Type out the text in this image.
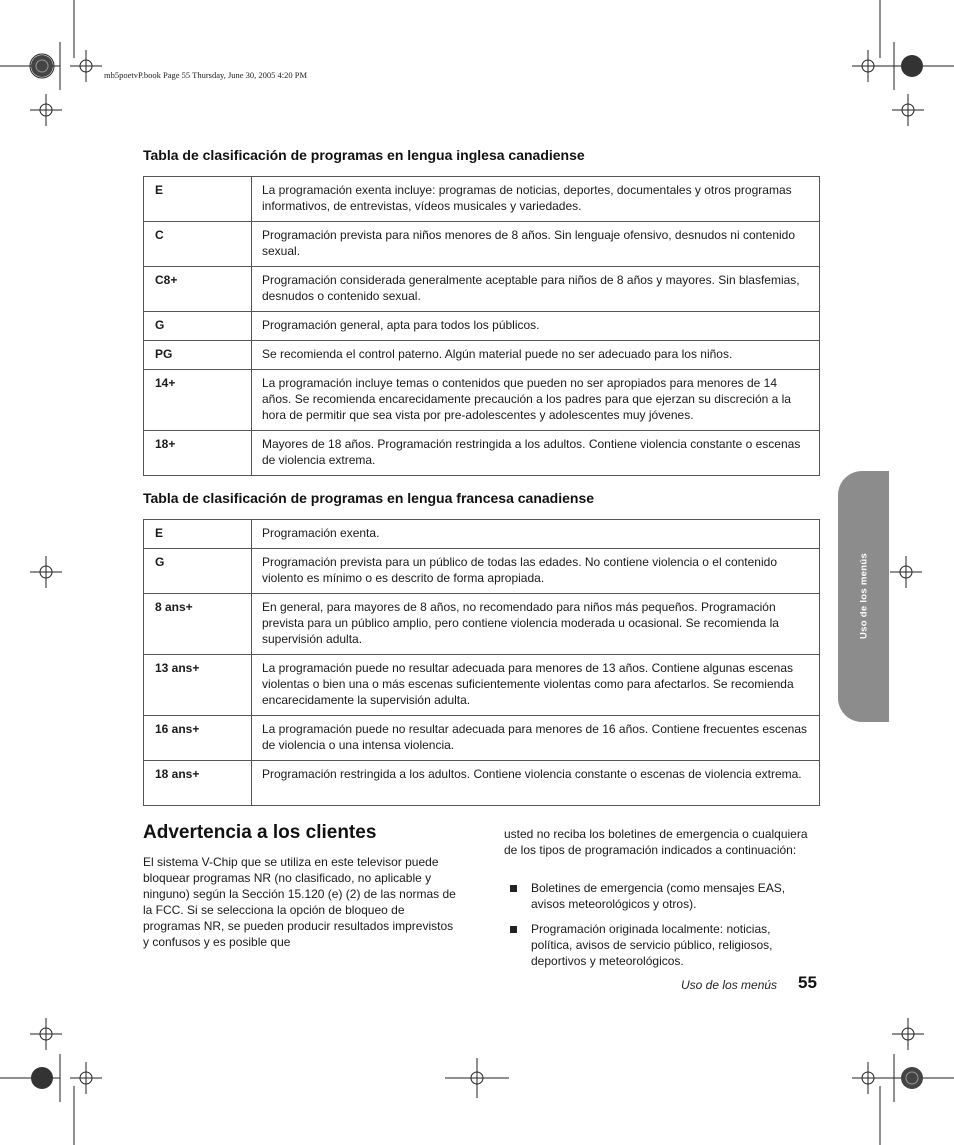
mb5poetvP.book Page 55 Thursday, June 30, 2005 4:20 PM
Tabla de clasificación de programas en lengua inglesa canadiense
E	La programación exenta incluye: programas de noticias, deportes, documentales y otros programas informativos, de entrevistas, vídeos musicales y variedades.
C	Programación prevista para niños menores de 8 años. Sin lenguaje ofensivo, desnudos ni contenido sexual.
C8+	Programación considerada generalmente aceptable para niños de 8 años y mayores. Sin blasfemias, desnudos o contenido sexual.
G	Programación general, apta para todos los públicos.
PG	Se recomienda el control paterno. Algún material puede no ser adecuado para los niños.
14+	La programación incluye temas o contenidos que pueden no ser apropiados para menores de 14 años. Se recomienda encarecidamente precaución a los padres para que ejerzan su discreción a la hora de permitir que sea vista por pre-adolescentes y adolescentes muy jóvenes.
18+	Mayores de 18 años. Programación restringida a los adultos. Contiene violencia constante o escenas de violencia extrema.
Tabla de clasificación de programas en lengua francesa canadiense
E	Programación exenta.
G	Programación prevista para un público de todas las edades. No contiene violencia o el contenido violento es mínimo o es descrito de forma apropiada.
8 ans+	En general, para mayores de 8 años, no recomendado para niños más pequeños. Programación prevista para un público amplio, pero contiene violencia moderada u ocasional. Se recomienda la supervisión adulta.
13 ans+	La programación puede no resultar adecuada para menores de 13 años. Contiene algunas escenas violentas o bien una o más escenas suficientemente violentas como para afectarlos. Se recomienda encarecidamente la supervisión adulta.
16 ans+	La programación puede no resultar adecuada para menores de 16 años. Contiene frecuentes escenas de violencia o una intensa violencia.
18 ans+	Programación restringida a los adultos. Contiene violencia constante o escenas de violencia extrema.
Advertencia a los clientes
El sistema V-Chip que se utiliza en este televisor puede bloquear programas NR (no clasificado, no aplicable y ninguno) según la Sección 15.120 (e) (2) de las normas de la FCC. Si se selecciona la opción de bloqueo de programas NR, se pueden producir resultados imprevistos y confusos y es posible que
usted no reciba los boletines de emergencia o cualquiera de los tipos de programación indicados a continuación:
Boletines de emergencia (como mensajes EAS, avisos meteorológicos y otros).
Programación originada localmente: noticias, política, avisos de servicio público, religiosos, deportivos y meteorológicos.
Uso de los menús
Uso de los menús 55
